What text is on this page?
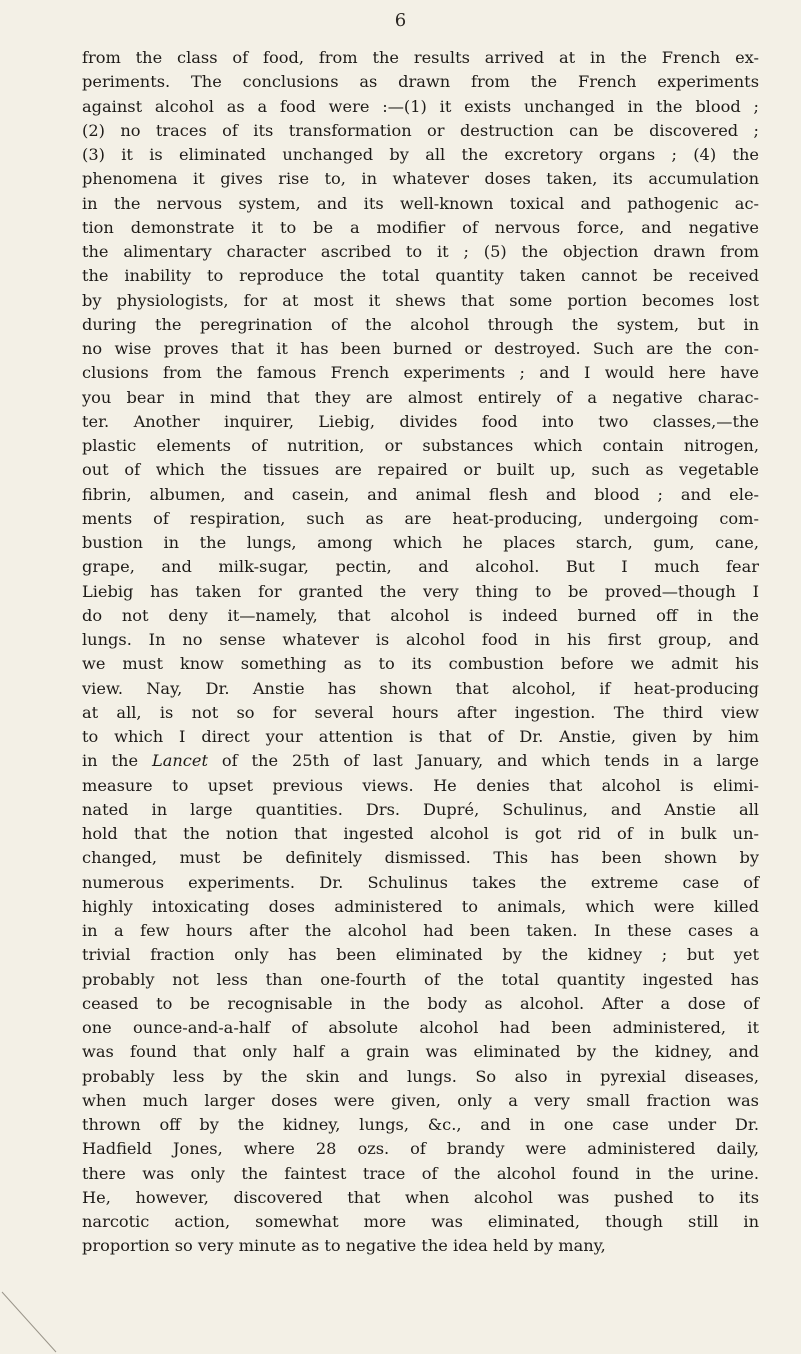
6
from the class of food, from the results arrived at in the French ex-
periments. The conclusions as drawn from the French experiments
against alcohol as a food were :—(1) it exists unchanged in the blood ;
(2) no traces of its transformation or destruction can be discovered ;
(3) it is eliminated unchanged by all the excretory organs ; (4) the
phenomena it gives rise to, in whatever doses taken, its accumulation
in the nervous system, and its well-known toxical and pathogenic ac-
tion demonstrate it to be a modifier of nervous force, and negative
the alimentary character ascribed to it ; (5) the objection drawn from
the inability to reproduce the total quantity taken cannot be received
by physiologists, for at most it shews that some portion becomes lost
during the peregrination of the alcohol through the system, but in
no wise proves that it has been burned or destroyed. Such are the con-
clusions from the famous French experiments ; and I would here have
you bear in mind that they are almost entirely of a negative charac-
ter. Another inquirer, Liebig, divides food into two classes,—the
plastic elements of nutrition, or substances which contain nitrogen,
out of which the tissues are repaired or built up, such as vegetable
fibrin, albumen, and casein, and animal flesh and blood ; and ele-
ments of respiration, such as are heat-producing, undergoing com-
bustion in the lungs, among which he places starch, gum, cane,
grape, and milk-sugar, pectin, and alcohol. But I much fear
Liebig has taken for granted the very thing to be proved—though I
do not deny it—namely, that alcohol is indeed burned off in the
lungs. In no sense whatever is alcohol food in his first group, and
we must know something as to its combustion before we admit his
view. Nay, Dr. Anstie has shown that alcohol, if heat-producing
at all, is not so for several hours after ingestion. The third view
to which I direct your attention is that of Dr. Anstie, given by him
in the Lancet of the 25th of last January, and which tends in a large
measure to upset previous views. He denies that alcohol is elimi-
nated in large quantities. Drs. Dupré, Schulinus, and Anstie all
hold that the notion that ingested alcohol is got rid of in bulk un-
changed, must be definitely dismissed. This has been shown by
numerous experiments. Dr. Schulinus takes the extreme case of
highly intoxicating doses administered to animals, which were killed
in a few hours after the alcohol had been taken. In these cases a
trivial fraction only has been eliminated by the kidney ; but yet
probably not less than one-fourth of the total quantity ingested has
ceased to be recognisable in the body as alcohol. After a dose of
one ounce-and-a-half of absolute alcohol had been administered, it
was found that only half a grain was eliminated by the kidney, and
probably less by the skin and lungs. So also in pyrexial diseases,
when much larger doses were given, only a very small fraction was
thrown off by the kidney, lungs, &c., and in one case under Dr.
Hadfield Jones, where 28 ozs. of brandy were administered daily,
there was only the faintest trace of the alcohol found in the urine.
He, however, discovered that when alcohol was pushed to its
narcotic action, somewhat more was eliminated, though still in
proportion so very minute as to negative the idea held by many,
